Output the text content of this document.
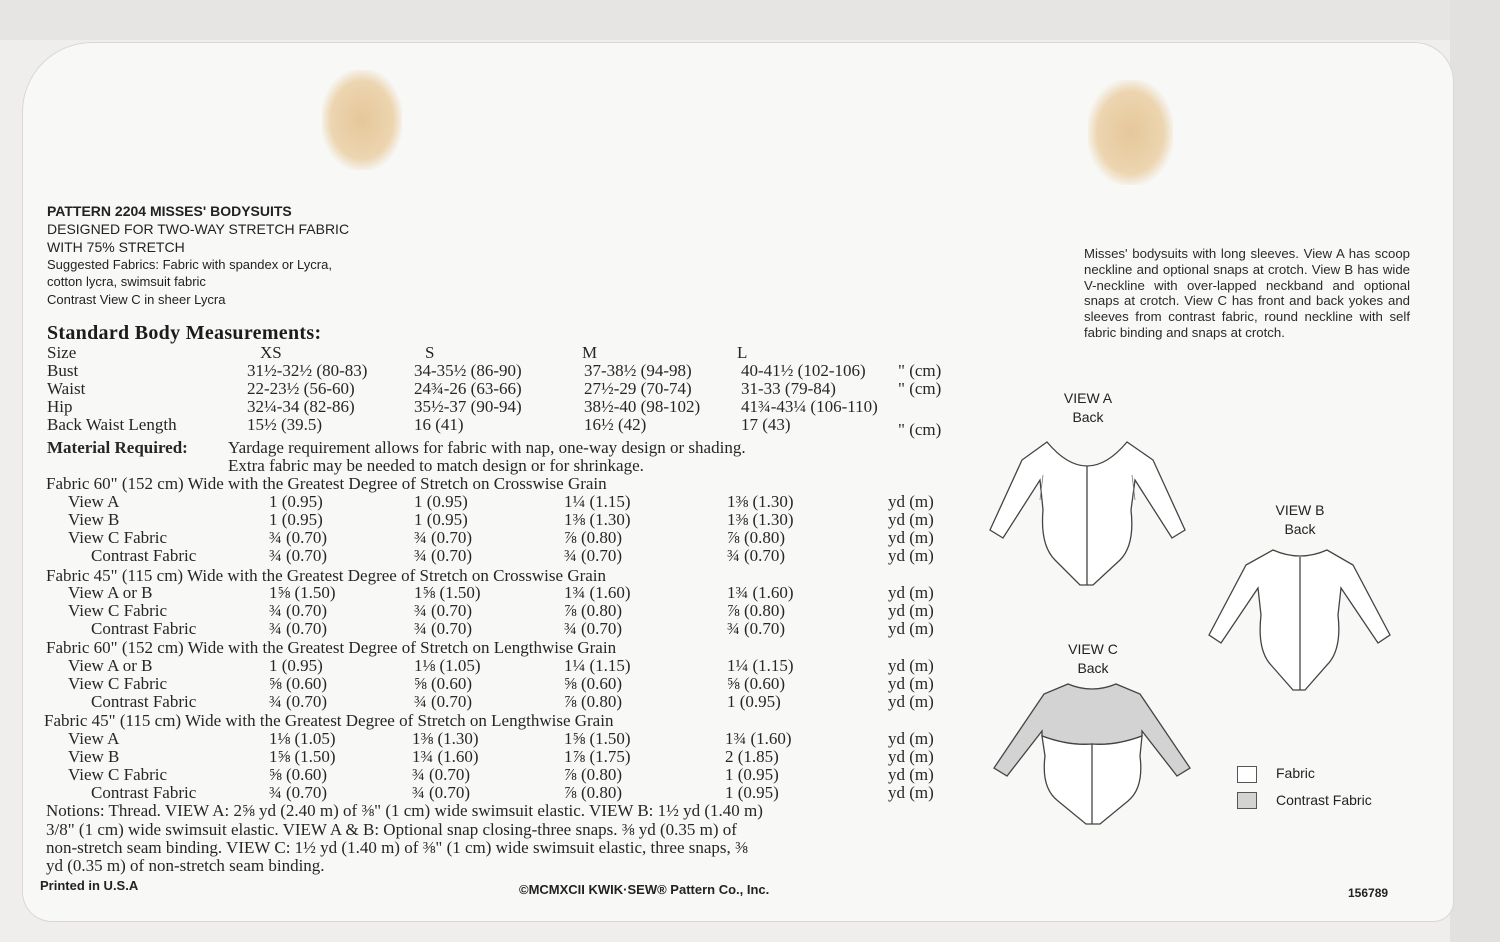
PATTERN 2204 MISSES' BODYSUITS
DESIGNED FOR TWO-WAY STRETCH FABRIC
WITH 75% STRETCH
Suggested Fabrics: Fabric with spandex or Lycra,
cotton lycra, swimsuit fabric
Contrast View C in sheer Lycra
Standard Body Measurements:
Size	XS	S	M	L
Bust	31½-32½ (80-83)	34-35½ (86-90)	37-38½ (94-98)	40-41½ (102-106) " (cm)
Waist	22-23½ (56-60)	24¾-26 (63-66)	27½-29 (70-74)	31-33 (79-84)	" (cm)
Hip	32¼-34 (82-86)	35½-37 (90-94)	38½-40 (98-102) 41¾-43¼ (106-110)
Back Waist Length	15½ (39.5)	16 (41)	16½ (42)	17 (43)	" (cm)
Material Required: Yardage requirement allows for fabric with nap, one-way design or shading.
Extra fabric may be needed to match design or for shrinkage.
Fabric 60" (152 cm) Wide with the Greatest Degree of Stretch on Crosswise Grain
View A	1 (0.95)	1 (0.95)	1¼ (1.15)	1⅜ (1.30)	yd (m)
View B	1 (0.95)	1 (0.95)	1⅜ (1.30)	1⅜ (1.30)	yd (m)
View C Fabric	¾ (0.70)	¾ (0.70)	⅞ (0.80)	⅞ (0.80)	yd (m)
Contrast Fabric	¾ (0.70)	¾ (0.70)	¾ (0.70)	¾ (0.70)	yd (m)
Fabric 45" (115 cm) Wide with the Greatest Degree of Stretch on Crosswise Grain
View A or B	1⅝ (1.50)	1⅝ (1.50)	1¾ (1.60)	1¾ (1.60)	yd (m)
View C Fabric	¾ (0.70)	¾ (0.70)	⅞ (0.80)	⅞ (0.80)	yd (m)
Contrast Fabric	¾ (0.70)	¾ (0.70)	¾ (0.70)	¾ (0.70)	yd (m)
Fabric 60" (152 cm) Wide with the Greatest Degree of Stretch on Lengthwise Grain
View A or B	1 (0.95)	1⅛ (1.05)	1¼ (1.15)	1¼ (1.15)	yd (m)
View C Fabric	⅝ (0.60)	⅝ (0.60)	⅝ (0.60)	⅝ (0.60)	yd (m)
Contrast Fabric	¾ (0.70)	¾ (0.70)	⅞ (0.80)	1 (0.95)	yd (m)
Fabric 45" (115 cm) Wide with the Greatest Degree of Stretch on Lengthwise Grain
View A	1⅛ (1.05)	1⅜ (1.30)	1⅝ (1.50)	1¾ (1.60)	yd (m)
View B	1⅝ (1.50)	1¾ (1.60)	1⅞ (1.75)	2 (1.85)	yd (m)
View C Fabric	⅝ (0.60)	¾ (0.70)	⅞ (0.80)	1 (0.95)	yd (m)
Contrast Fabric	¾ (0.70)	¾ (0.70)	⅞ (0.80)	1 (0.95)	yd (m)
Notions: Thread. VIEW A: 2⅝ yd (2.40 m) of ⅜" (1 cm) wide swimsuit elastic. VIEW B: 1½ yd (1.40 m)
3/8" (1 cm) wide swimsuit elastic. VIEW A & B: Optional snap closing-three snaps. ⅜ yd (0.35 m) of
non-stretch seam binding. VIEW C: 1½ yd (1.40 m) of ⅜" (1 cm) wide swimsuit elastic, three snaps, ⅜
yd (0.35 m) of non-stretch seam binding.
Printed in U.S.A	©MCMXCII KWIK·SEW® Pattern Co., Inc.	156789
Misses' bodysuits with long sleeves. View A has scoop neckline and optional snaps at crotch. View B has wide V-neckline with over-lapped neckband and optional snaps at crotch. View C has front and back yokes and sleeves from contrast fabric, round neckline with self fabric binding and snaps at crotch.
VIEW A
Back
VIEW B
Back
VIEW C
Back
Fabric
Contrast Fabric
